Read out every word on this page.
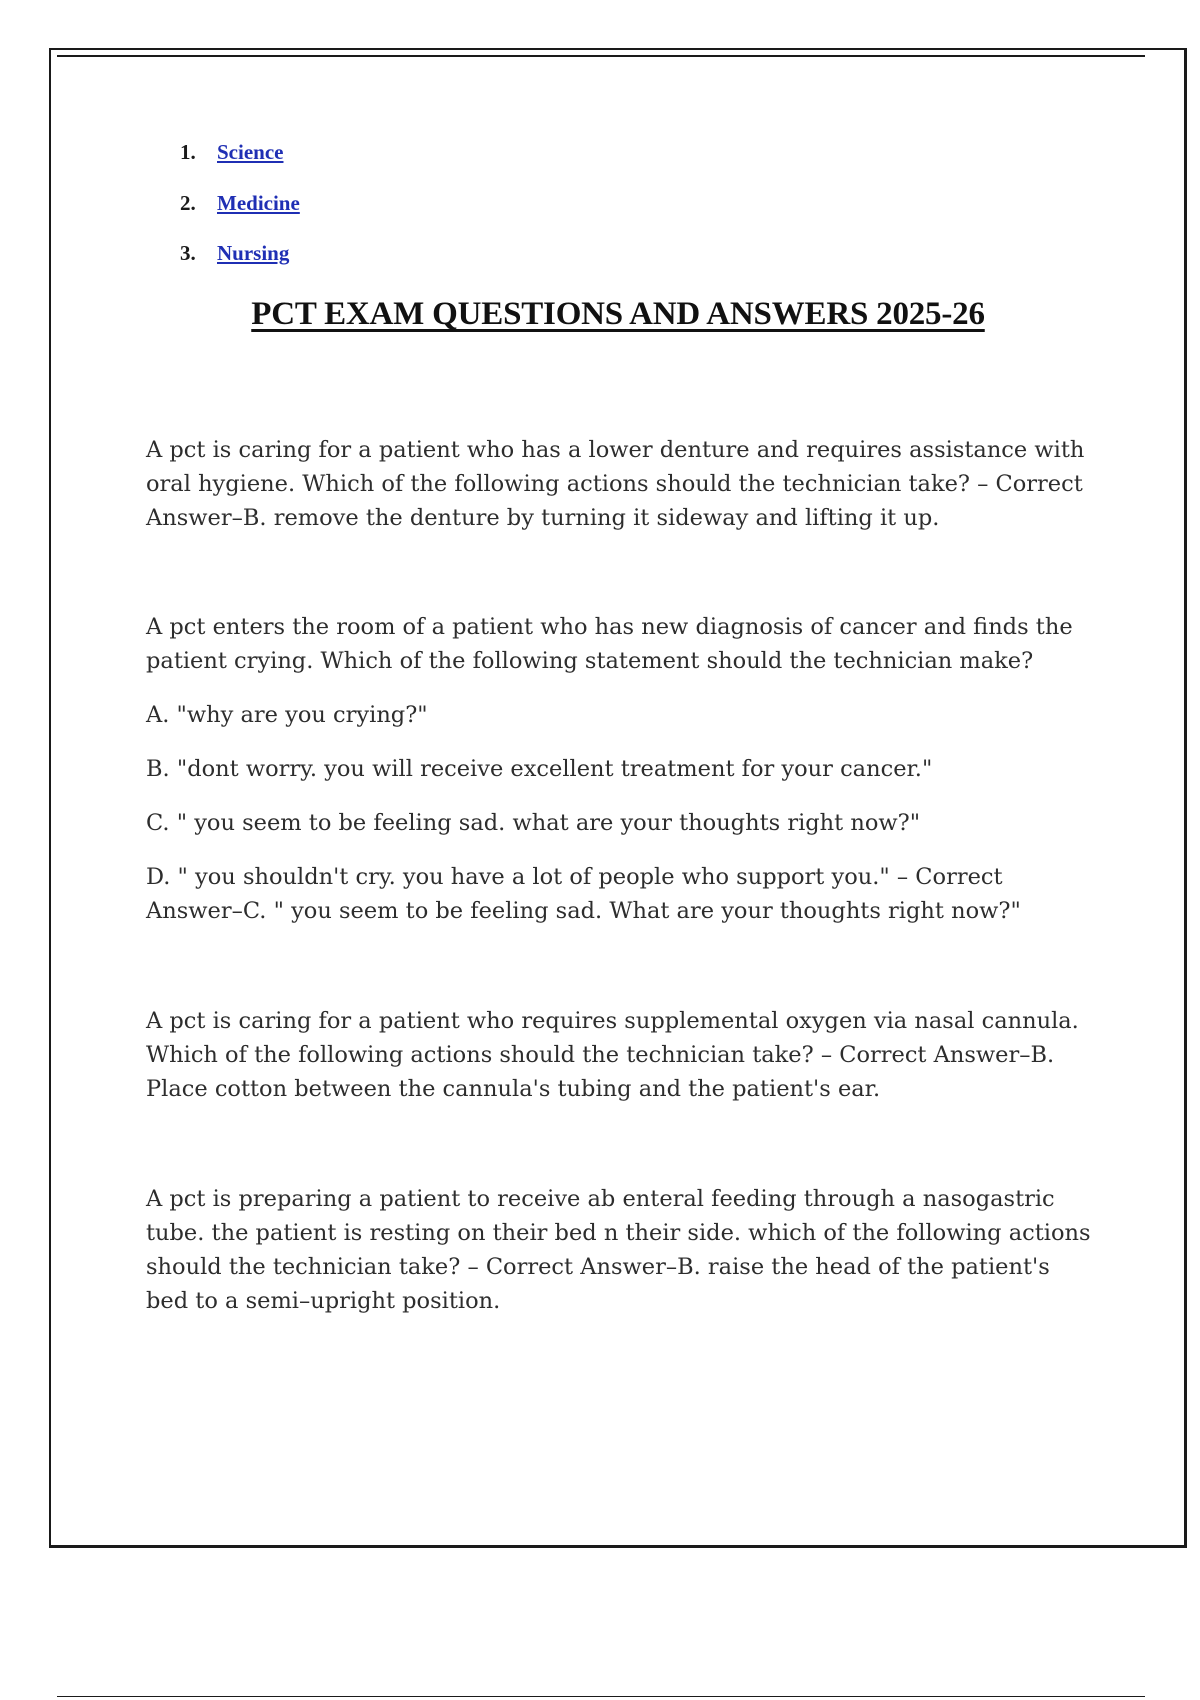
1.	Science
2.	Medicine
3.	Nursing
PCT EXAM QUESTIONS AND ANSWERS 2025-26

A pct is caring for a patient who has a lower denture and requires assistance with oral hygiene. Which of the following actions should the technician take? – Correct Answer–B. remove the denture by turning it sideway and lifting it up.

A pct enters the room of a patient who has new diagnosis of cancer and finds the patient crying. Which of the following statement should the technician make?

A. "why are you crying?"

B. "dont worry. you will receive excellent treatment for your cancer."

C. " you seem to be feeling sad. what are your thoughts right now?"

D. " you shouldn't cry. you have a lot of people who support you." – Correct Answer–C. " you seem to be feeling sad. What are your thoughts right now?"

A pct is caring for a patient who requires supplemental oxygen via nasal cannula. Which of the following actions should the technician take? – Correct Answer–B. Place cotton between the cannula's tubing and the patient's ear.

A pct is preparing a patient to receive ab enteral feeding through a nasogastric tube. the patient is resting on their bed n their side. which of the following actions should the technician take? – Correct Answer–B. raise the head of the patient's bed to a semi–upright position.
